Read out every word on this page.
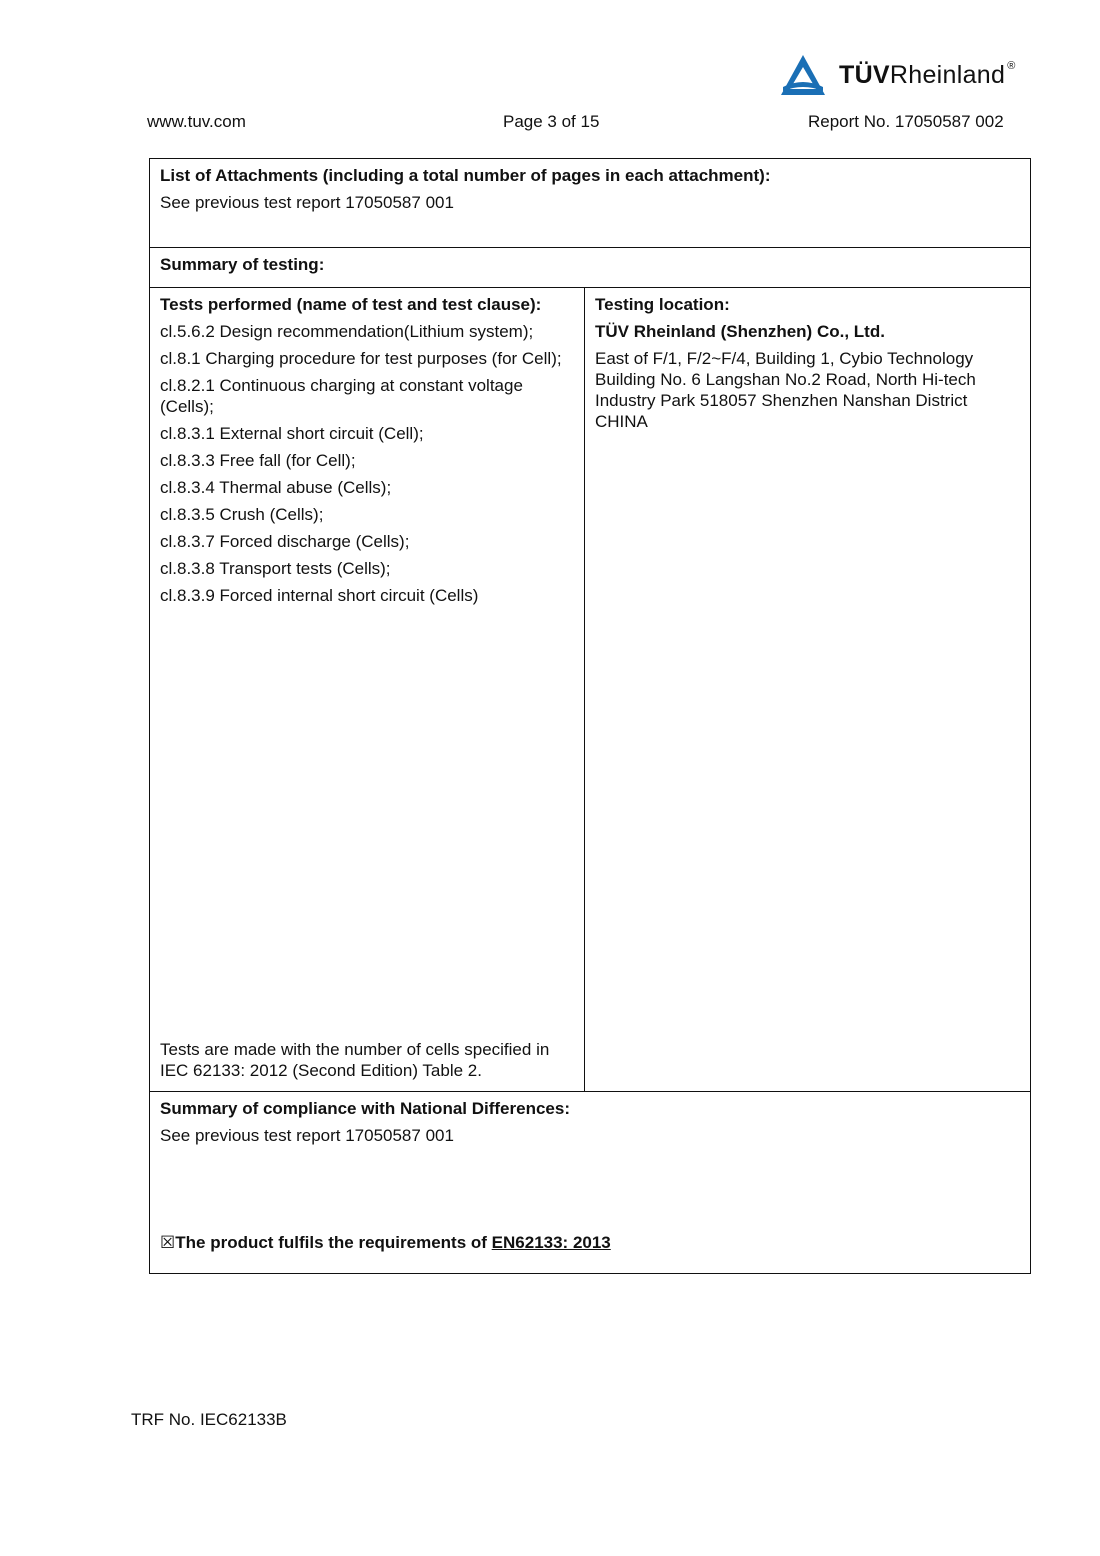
TÜVRheinland ®
www.tuv.com	Page 3 of 15	Report No. 17050587 002
List of Attachments (including a total number of pages in each attachment):
See previous test report 17050587 001
Summary of testing:
Tests performed (name of test and test clause):
cl.5.6.2 Design recommendation(Lithium system);
cl.8.1 Charging procedure for test purposes (for Cell);
cl.8.2.1 Continuous charging at constant voltage (Cells);
cl.8.3.1 External short circuit (Cell);
cl.8.3.3 Free fall (for Cell);
cl.8.3.4 Thermal abuse (Cells);
cl.8.3.5 Crush (Cells);
cl.8.3.7 Forced discharge (Cells);
cl.8.3.8 Transport tests (Cells);
cl.8.3.9 Forced internal short circuit (Cells)
Tests are made with the number of cells specified in IEC 62133: 2012 (Second Edition) Table 2.
Testing location:
TÜV Rheinland (Shenzhen) Co., Ltd.
East of F/1, F/2~F/4, Building 1, Cybio Technology Building No. 6 Langshan No.2 Road, North Hi-tech Industry Park 518057 Shenzhen Nanshan District CHINA
Summary of compliance with National Differences:
See previous test report 17050587 001
☒The product fulfils the requirements of EN62133: 2013
TRF No. IEC62133B
